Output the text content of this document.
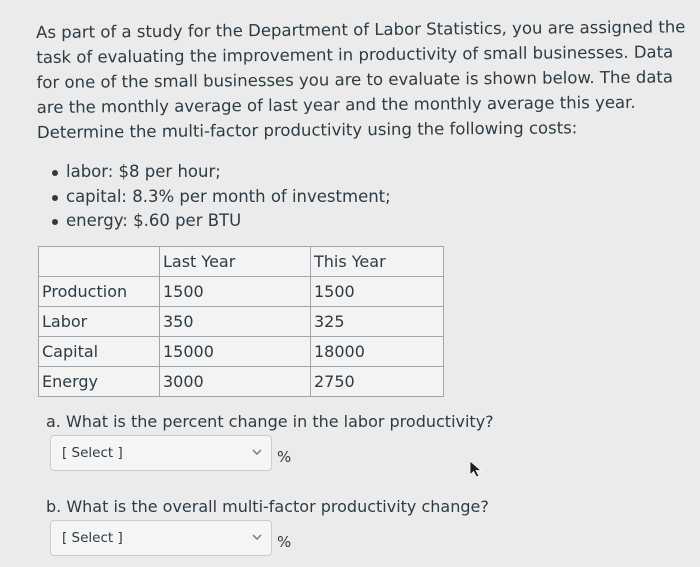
As part of a study for the Department of Labor Statistics, you are assigned the task of evaluating the improvement in productivity of small businesses. Data for one of the small businesses you are to evaluate is shown below. The data are the monthly average of last year and the monthly average this year. Determine the multi-factor productivity using the following costs:

labor: $8 per hour;
capital: 8.3% per month of investment;
energy: $.60 per BTU
	Last Year	This Year
Production	1500	1500
Labor	350	325
Capital	15000	18000
Energy	3000	2750

a. What is the percent change in the labor productivity?

[ Select ]	%

b. What is the overall multi-factor productivity change?

[ Select ]	%
